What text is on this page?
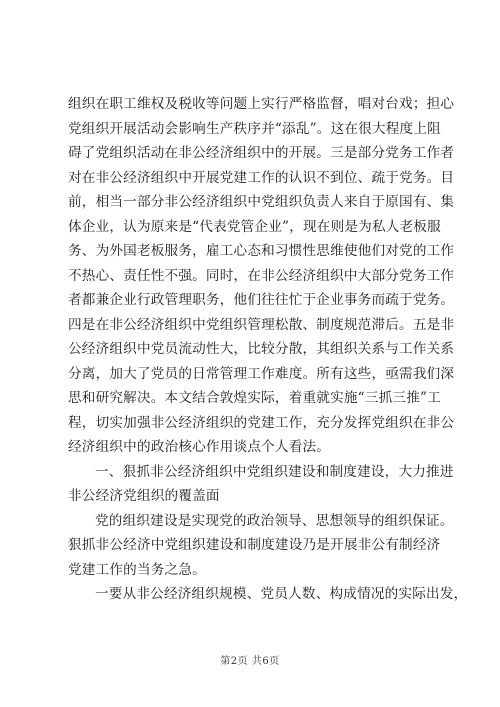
组织在职工维权及税收等问题上实行严格监督，唱对台戏；担心
党组织开展活动会影响生产秩序并“添乱”。这在很大程度上阻
碍了党组织活动在非公经济组织中的开展。三是部分党务工作者
对在非公经济组织中开展党建工作的认识不到位、疏于党务。目
前，相当一部分非公经济组织中党组织负责人来自于原国有、集
体企业，认为原来是“代表党管企业”，现在则是为私人老板服
务、为外国老板服务，雇工心态和习惯性思维使他们对党的工作
不热心、责任性不强。同时，在非公经济组织中大部分党务工作
者都兼企业行政管理职务，他们往往忙于企业事务而疏于党务。
四是在非公经济组织中党组织管理松散、制度规范滞后。五是非
公经济组织中党员流动性大，比较分散，其组织关系与工作关系
分离，加大了党员的日常管理工作难度。所有这些，亟需我们深
思和研究解决。本文结合敦煌实际，着重就实施“三抓三推”工
程，切实加强非公经济组织的党建工作，充分发挥党组织在非公
经济组织中的政治核心作用谈点个人看法。
一、狠抓非公经济组织中党组织建设和制度建设，大力推进
非公经济党组织的覆盖面
党的组织建设是实现党的政治领导、思想领导的组织保证。
狠抓非公经济中党组织建设和制度建设乃是开展非公有制经济
党建工作的当务之急。
一要从非公经济组织规模、党员人数、构成情况的实际出发，
第2页 共6页
